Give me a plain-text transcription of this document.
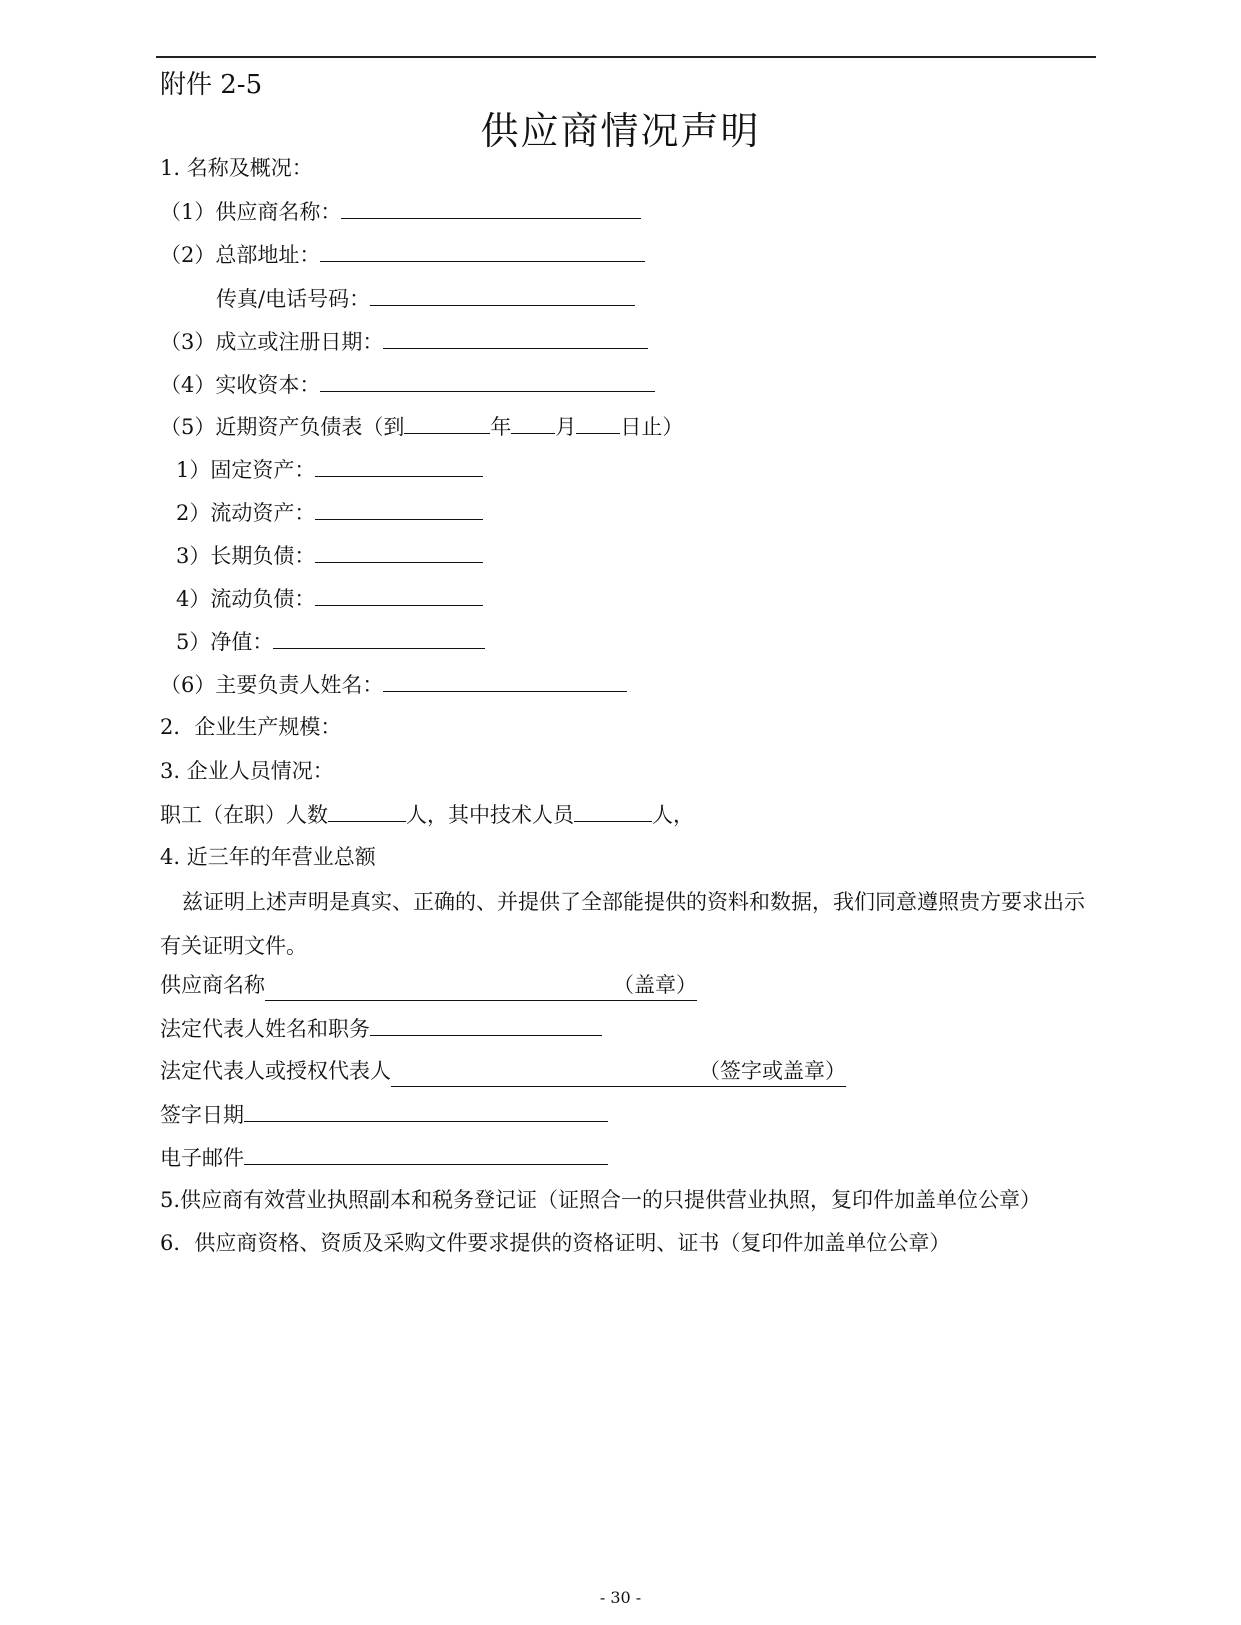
附件 2-5
供应商情况声明
1. 名称及概况：
（1）供应商名称：
（2）总部地址：
传真/电话号码：
（3）成立或注册日期：
（4）实收资本：
（5）近期资产负债表（到	年 月 日止）
1）固定资产：
2）流动资产：
3）长期负债：
4）流动负债：
5）净值：
（6）主要负责人姓名：
2．企业生产规模：
3. 企业人员情况：
职工（在职）人数	人，其中技术人员	人，
4. 近三年的年营业总额
兹证明上述声明是真实、正确的、并提供了全部能提供的资料和数据，我们同意遵照贵方要求出示有关证明文件。
供应商名称	（盖章）
法定代表人姓名和职务
法定代表人或授权代表人	（签字或盖章）
签字日期
电子邮件
5.供应商有效营业执照副本和税务登记证（证照合一的只提供营业执照，复印件加盖单位公章）
6．供应商资格、资质及采购文件要求提供的资格证明、证书（复印件加盖单位公章）
- 30 -
